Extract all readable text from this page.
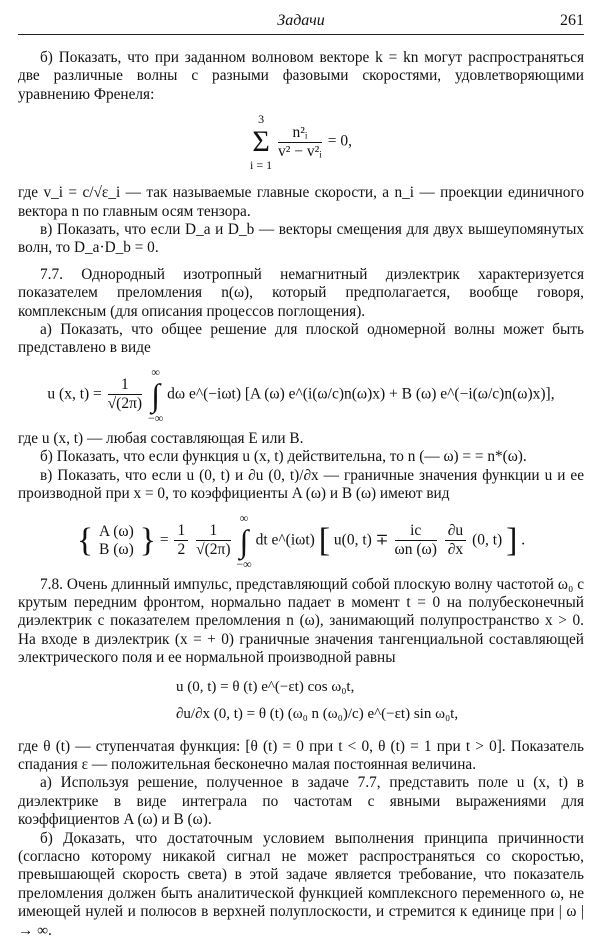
Задачи	261

б) Показать, что при заданном волновом векторе k = kn могут распространяться две различные волны с разными фазовыми скоростями, удовлетворяющими уравнению Френеля:

3
Σ
i = 1

$\frac{\text{n²ᵢ}}{\text{v² − v²ᵢ}} = 0$,

где v_i = c/√ε_i — так называемые главные скорости, а n_i — проекции единичного вектора n по главным осям тензора.

в) Показать, что если D_a и D_b — векторы смещения для двух вышеупомянутых волн, то D_a·D_b = 0.

7.7. Однородный изотропный немагнитный диэлектрик характеризуется показателем преломления n(ω), который предполагается, вообще говоря, комплексным (для описания процессов поглощения).

а) Показать, что общее решение для плоской одномерной волны может быть представлено в виде

u (x, $t) = \frac{1}{√(2\pi)}$

∞
∫
−∞
dω e^(−iωt) [A (ω) e^(i(ω/c)n(ω)x) + B (ω) e^(−i(ω/c)n(ω)x)],

где u (x, t) — любая составляющая E или B.

б) Показать, что если функция u (x, t) действительна, то n (— ω) = = n*(ω).

в) Показать, что если u (0, t) и ∂u (0, t)/∂x — граничные значения функции u и ее производной при x = 0, то коэффициенты A (ω) и B (ω) имеют вид

{ A (ω)
B (ω) } = $\frac{1}{2}$
$\frac{1}{√(2\pi)}$

∞
∫
−∞
dt e^(iωt) [ u(0, $t) \mp \frac{ic}{\omega n (\omega)}$
$\frac{\partial u}{\partial x} (0$, t) ] .

7.8. Очень длинный импульс, представляющий собой плоскую волну частотой ω₀ с крутым передним фронтом, нормально падает в момент t = 0 на полубесконечный диэлектрик с показателем преломления n (ω), занимающий полупространство x > 0. На входе в диэлектрик (x = + 0) граничные значения тангенциальной составляющей электрического поля и ее нормальной производной равны

u (0, t) = θ (t) e^(−εt) cos ω₀t,
∂u/∂x (0, t) = θ (t) (ω₀ n (ω₀)/c) e^(−εt) sin ω₀t,

где θ (t) — ступенчатая функция: [θ (t) = 0 при t < 0, θ (t) = 1 при t > 0]. Показатель спадания ε — положительная бесконечно малая постоянная величина.

а) Используя решение, полученное в задаче 7.7, представить поле u (x, t) в диэлектрике в виде интеграла по частотам с явными выражениями для коэффициентов A (ω) и B (ω).

б) Доказать, что достаточным условием выполнения принципа причинности (согласно которому никакой сигнал не может распространяться со скоростью, превышающей скорость света) в этой задаче является требование, что показатель преломления должен быть аналитической функцией комплексного переменного ω, не имеющей нулей и полюсов в верхней полуплоскости, и стремится к единице при | ω | → ∞.
